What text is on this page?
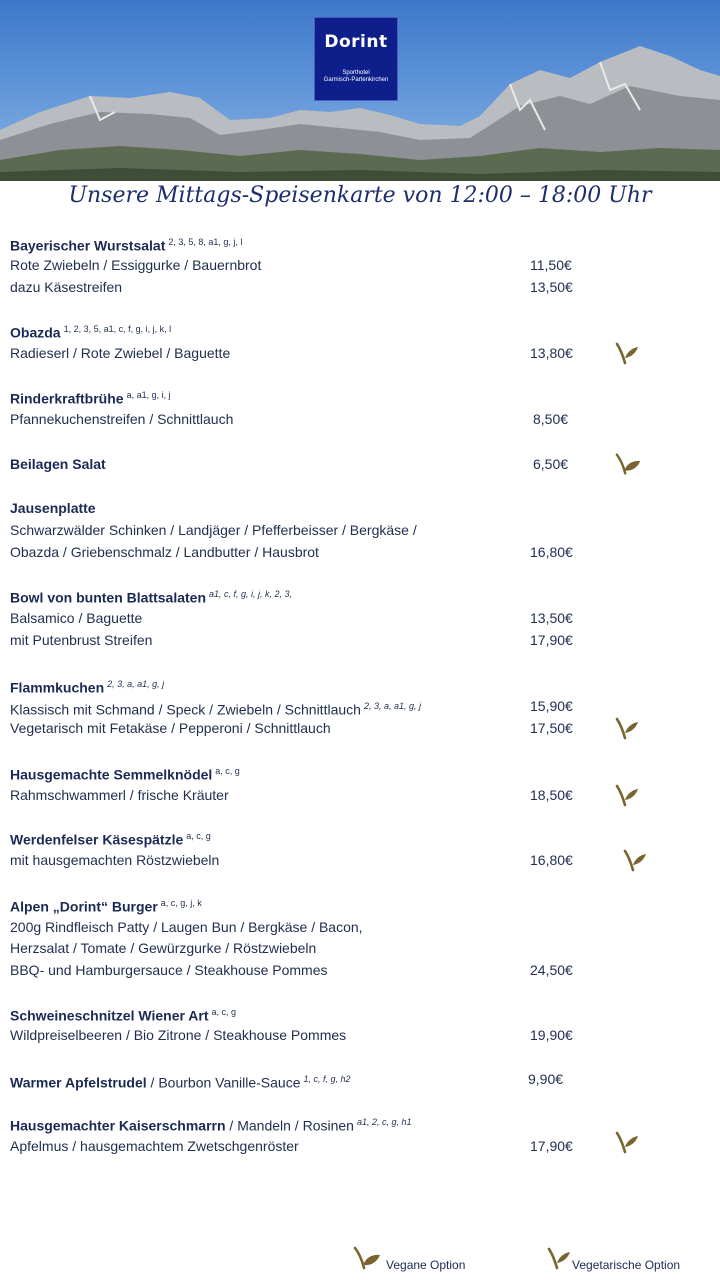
Dorint
Sporthotel
Garmisch-Partenkirchen
Unsere Mittags-Speisenkarte von 12:00 – 18:00 Uhr
Bayerischer Wurstsalat $^{2, 3, 5, 8, a1, g, j, l}$
Rote Zwiebeln / Essiggurke / Bauernbrot	11,50€
dazu Käsestreifen	13,50€
Obazda $^{1, 2, 3, 5, a1, c, f, g, i, j, k, l}$
Radieserl / Rote Zwiebel / Baguette	13,80€
Rinderkraftbrühe $^{a, a1, g, i, j}$
Pfannekuchenstreifen / Schnittlauch	8,50€
Beilagen Salat	6,50€
Jausenplatte
Schwarzwälder Schinken / Landjäger / Pfefferbeisser / Bergkäse /
Obazda / Griebenschmalz / Landbutter / Hausbrot	16,80€
Bowl von bunten Blattsalaten $^{a1, c, f, g, i, j, k, 2, 3,}$
Balsamico / Baguette	13,50€
mit Putenbrust Streifen	17,90€
Flammkuchen $^{2, 3, a, a1, g, j}$
Klassisch mit Schmand / Speck / Zwiebeln / Schnittlauch $^{2, 3, a, a1, g, j}$	15,90€
Vegetarisch mit Fetakäse / Pepperoni / Schnittlauch	17,50€
Hausgemachte Semmelknödel $^{a, c, g}$
Rahmschwammerl / frische Kräuter	18,50€
Werdenfelser Käsespätzle $^{a, c, g}$
mit hausgemachten Röstzwiebeln	16,80€
Alpen „Dorint“ Burger $^{a, c, g, j, k}$
200g Rindfleisch Patty / Laugen Bun / Bergkäse / Bacon,
Herzsalat / Tomate / Gewürzgurke / Röstzwiebeln
BBQ- und Hamburgersauce / Steakhouse Pommes	24,50€
Schweineschnitzel Wiener Art $^{a, c, g}$
Wildpreiselbeeren / Bio Zitrone / Steakhouse Pommes	19,90€
Warmer Apfelstrudel / Bourbon Vanille-Sauce $^{1, c, f, g, h2}$	9,90€
Hausgemachter Kaiserschmarrn / Mandeln / Rosinen $^{a1, 2, c, g, h1}$
Apfelmus / hausgemachtem Zwetschgenröster	17,90€
Vegane Option	Vegetarische Option
